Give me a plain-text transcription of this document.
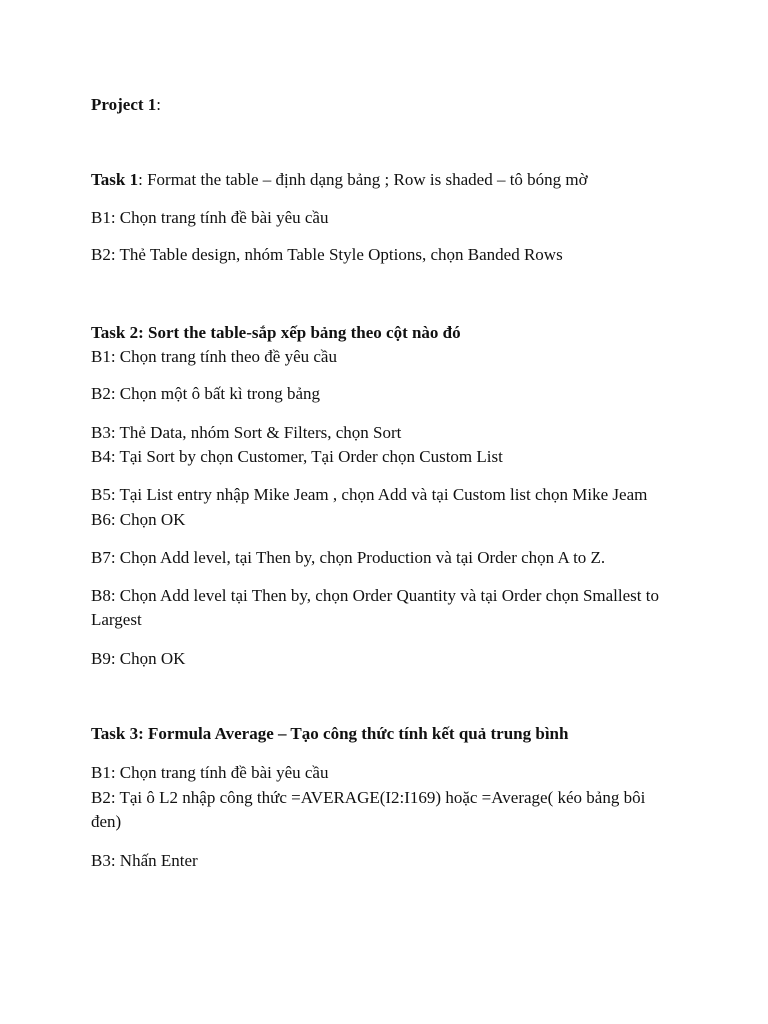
Project 1:
Task 1: Format the table – định dạng bảng ; Row is shaded – tô bóng mờ
B1: Chọn trang tính đề bài yêu cầu
B2: Thẻ Table design, nhóm Table Style Options, chọn Banded Rows
Task 2: Sort the table-sắp xếp bảng theo cột nào đó
B1: Chọn trang tính theo đề yêu cầu
B2: Chọn một ô bất kì trong bảng
B3: Thẻ Data, nhóm Sort & Filters, chọn Sort
B4: Tại Sort by chọn Customer, Tại Order chọn Custom List
B5: Tại List entry nhập Mike Jeam , chọn Add và tại Custom list chọn Mike Jeam
B6: Chọn OK
B7: Chọn Add level, tại Then by, chọn Production và tại Order chọn A to Z.
B8: Chọn Add level tại Then by, chọn Order Quantity và tại Order chọn Smallest to
Largest
B9: Chọn OK
Task 3: Formula Average – Tạo công thức tính kết quả trung bình
B1: Chọn trang tính đề bài yêu cầu
B2: Tại ô L2 nhập công thức =AVERAGE(I2:I169) hoặc =Average( kéo bảng bôi
đen)
B3: Nhấn Enter
